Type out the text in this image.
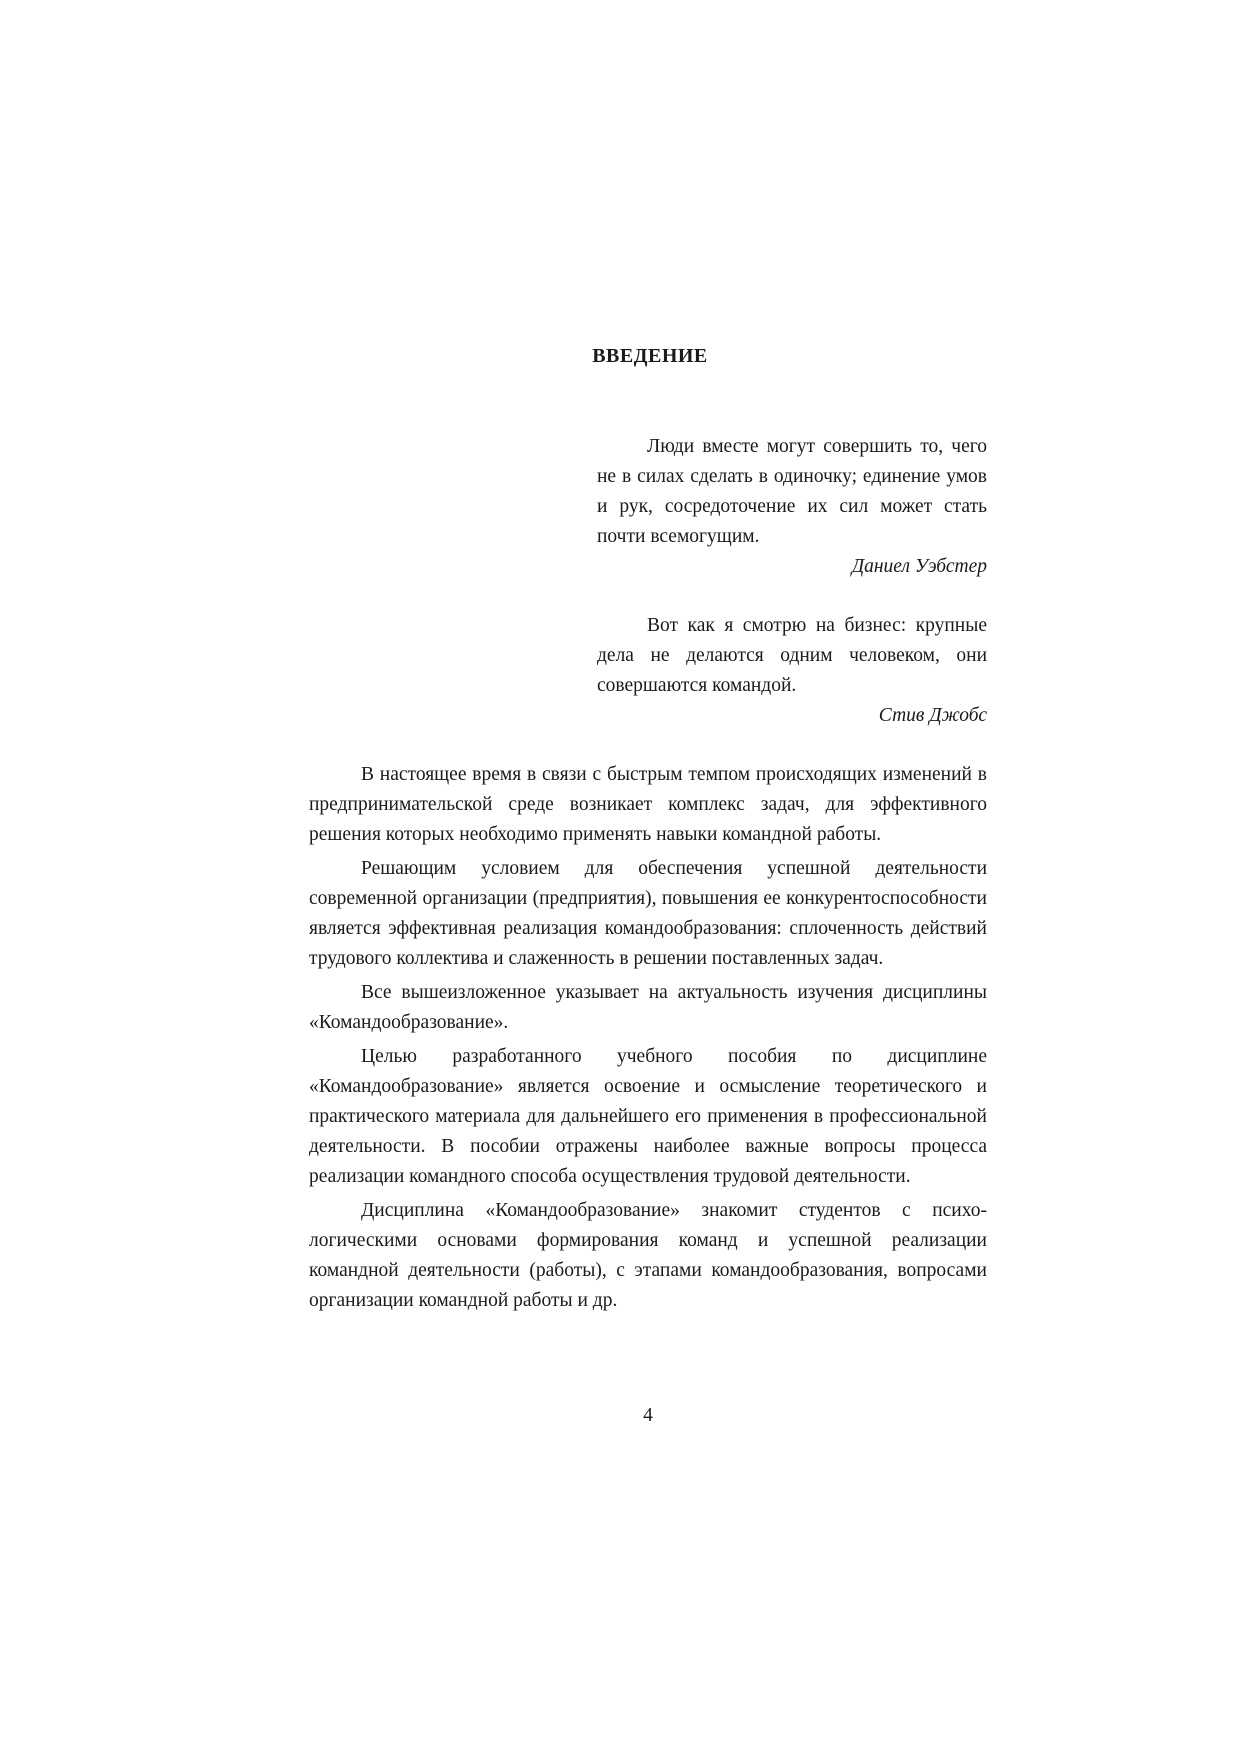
ВВЕДЕНИЕ

Люди вместе могут совершить то, чего не в силах сделать в одиночку; единение умов и рук, сосредоточение их сил может стать почти всемогущим.

Даниел Уэбстер

Вот как я смотрю на бизнес: крупные дела не делаются одним человеком, они совершаются командой.

Стив Джобс

В настоящее время в связи с быстрым темпом происходящих изменений в предпринимательской среде возникает комплекс задач, для эффективного решения которых необходимо применять навыки командной работы.

Решающим условием для обеспечения успешной деятельности современной организации (предприятия), повышения ее конкурентоспособности является эффективная реализация командообразования: сплоченность действий трудового коллектива и слаженность в решении поставленных задач.

Все вышеизложенное указывает на актуальность изучения дисциплины «Командообразование».

Целью разработанного учебного пособия по дисциплине «Командообразование» является освоение и осмысление теоретического и практического материала для дальнейшего его применения в профессиональной деятельности. В пособии отражены наиболее важные вопросы процесса реализации командного способа осуществления трудовой деятельности.

Дисциплина «Командообразование» знакомит студентов с психологическими основами формирования команд и успешной реализации командной деятельности (работы), с этапами командообразования, вопросами организации командной работы и др.

4
